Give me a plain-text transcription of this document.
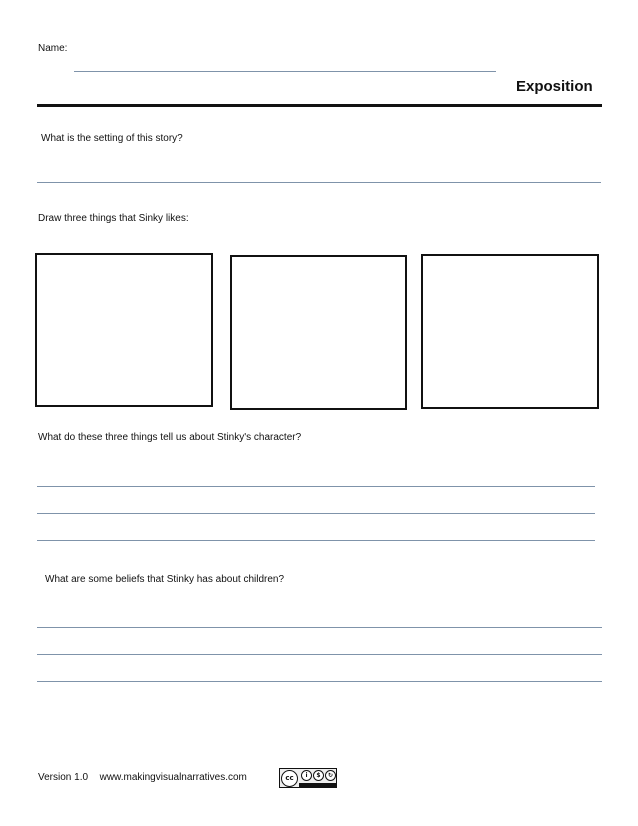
Name:
Exposition
What is the setting of this story?
Draw three things that Sinky likes:
What do these three things tell us about Stinky's character?
What are some beliefs that Stinky has about children?
Version 1.0 www.makingvisualnarratives.com	cc	i	$	↻
